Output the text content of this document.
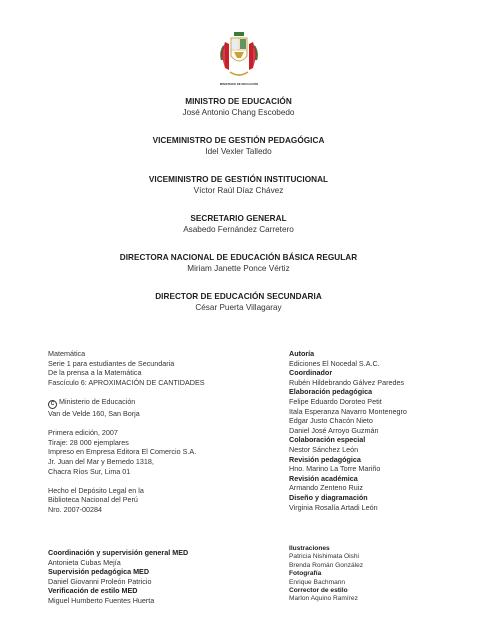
MINISTERIO DE EDUCACIÓN
MINISTRO DE EDUCACIÓN
José Antonio Chang Escobedo
VICEMINISTRO DE GESTIÓN PEDAGÓGICA
Idel Vexler Talledo
VICEMINISTRO DE GESTIÓN INSTITUCIONAL
Víctor Raúl Díaz Chávez
SECRETARIO GENERAL
Asabedo Fernández Carretero
DIRECTORA NACIONAL DE EDUCACIÓN BÁSICA REGULAR
Miriam Janette Ponce Vértiz
DIRECTOR DE EDUCACIÓN SECUNDARIA
César Puerta Villagaray
Matemática
Serie 1 para estudiantes de Secundaria
De la prensa a la Matemática
Fascículo 6: APROXIMACIÓN DE CANTIDADES
C Ministerio de Educación
Van de Velde 160, San Borja
Primera edición, 2007
Tiraje: 28 000 ejemplares
Impreso en Empresa Editora El Comercio S.A.
Jr. Juan del Mar y Bernedo 1318,
Chacra Ríos Sur, Lima 01
Hecho el Depósito Legal en la
Biblioteca Nacional del Perú
Nro. 2007-00284
Autoría
Ediciones El Nocedal S.A.C.
Coordinador
Rubén Hildebrando Gálvez Paredes
Elaboración pedagógica
Felipe Eduardo Doroteo Petit
Itala Esperanza Navarro Montenegro
Edgar Justo Chacón Nieto
Daniel José Arroyo Guzmán
Colaboración especial
Nestor Sánchez León
Revisión pedagógica
Hno. Marino La Torre Mariño
Revisión académica
Armando Zenteno Ruiz
Diseño y diagramación
Virginia Rosalía Artadi León
Coordinación y supervisión general MED
Antonieta Cubas Mejía
Supervisión pedagógica MED
Daniel Giovanni Proleón Patricio
Verificación de estilo MED
Miguel Humberto Fuentes Huerta
Ilustraciones
Patricia Nishimata Oishi
Brenda Román González
Fotografía
Enrique Bachmann
Corrector de estilo
Marlon Aquino Ramírez
